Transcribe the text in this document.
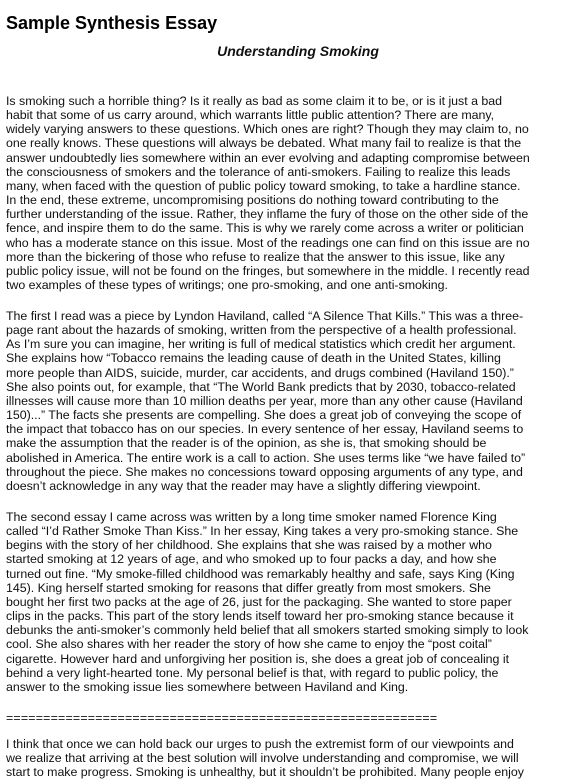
Sample Synthesis Essay
Understanding Smoking

Is smoking such a horrible thing? Is it really as bad as some claim it to be, or is it just a bad
habit that some of us carry around, which warrants little public attention? There are many,
widely varying answers to these questions. Which ones are right? Though they may claim to, no
one really knows. These questions will always be debated. What many fail to realize is that the
answer undoubtedly lies somewhere within an ever evolving and adapting compromise between
the consciousness of smokers and the tolerance of anti-smokers. Failing to realize this leads
many, when faced with the question of public policy toward smoking, to take a hardline stance.
In the end, these extreme, uncompromising positions do nothing toward contributing to the
further understanding of the issue. Rather, they inflame the fury of those on the other side of the
fence, and inspire them to do the same. This is why we rarely come across a writer or politician
who has a moderate stance on this issue. Most of the readings one can find on this issue are no
more than the bickering of those who refuse to realize that the answer to this issue, like any
public policy issue, will not be found on the fringes, but somewhere in the middle. I recently read
two examples of these types of writings; one pro-smoking, and one anti-smoking.

The first I read was a piece by Lyndon Haviland, called “A Silence That Kills.” This was a three-
page rant about the hazards of smoking, written from the perspective of a health professional.
As I’m sure you can imagine, her writing is full of medical statistics which credit her argument.
She explains how “Tobacco remains the leading cause of death in the United States, killing
more people than AIDS, suicide, murder, car accidents, and drugs combined (Haviland 150).”
She also points out, for example, that “The World Bank predicts that by 2030, tobacco-related
illnesses will cause more than 10 million deaths per year, more than any other cause (Haviland
150)...” The facts she presents are compelling. She does a great job of conveying the scope of
the impact that tobacco has on our species. In every sentence of her essay, Haviland seems to
make the assumption that the reader is of the opinion, as she is, that smoking should be
abolished in America. The entire work is a call to action. She uses terms like “we have failed to”
throughout the piece. She makes no concessions toward opposing arguments of any type, and
doesn’t acknowledge in any way that the reader may have a slightly differing viewpoint.

The second essay I came across was written by a long time smoker named Florence King
called “I’d Rather Smoke Than Kiss.” In her essay, King takes a very pro-smoking stance. She
begins with the story of her childhood. She explains that she was raised by a mother who
started smoking at 12 years of age, and who smoked up to four packs a day, and how she
turned out fine. “My smoke-filled childhood was remarkably healthy and safe, says King (King
145). King herself started smoking for reasons that differ greatly from most smokers. She
bought her first two packs at the age of 26, just for the packaging. She wanted to store paper
clips in the packs. This part of the story lends itself toward her pro-smoking stance because it
debunks the anti-smoker’s commonly held belief that all smokers started smoking simply to look
cool. She also shares with her reader the story of how she came to enjoy the “post coital”
cigarette. However hard and unforgiving her position is, she does a great job of concealing it
behind a very light-hearted tone. My personal belief is that, with regard to public policy, the
answer to the smoking issue lies somewhere between Haviland and King.

==========================================================

I think that once we can hold back our urges to push the extremist form of our viewpoints and
we realize that arriving at the best solution will involve understanding and compromise, we will
start to make progress. Smoking is unhealthy, but it shouldn’t be prohibited. Many people enjoy
